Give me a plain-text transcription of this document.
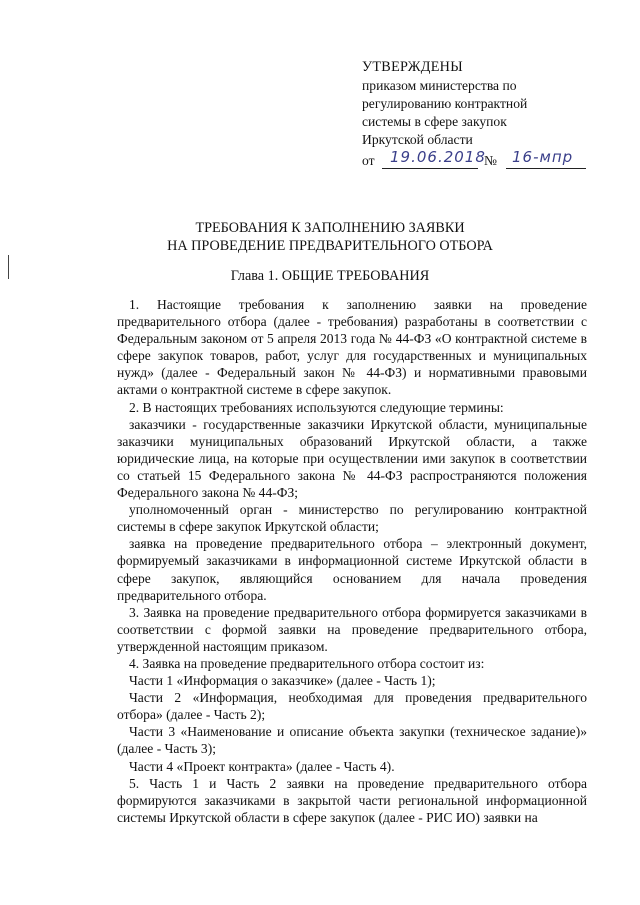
УТВЕРЖДЕНЫ
приказом министерства по
регулированию контрактной
системы в сфере закупок
Иркутской области
от 19.06.2018
№ 16-мпр
ТРЕБОВАНИЯ К ЗАПОЛНЕНИЮ ЗАЯВКИ
НА ПРОВЕДЕНИЕ ПРЕДВАРИТЕЛЬНОГО ОТБОРА
Глава 1. ОБЩИЕ ТРЕБОВАНИЯ
1. Настоящие требования к заполнению заявки на проведение предварительного отбора (далее - требования) разработаны в соответствии с Федеральным законом от 5 апреля 2013 года № 44-ФЗ «О контрактной системе в сфере закупок товаров, работ, услуг для государственных и муниципальных нужд» (далее - Федеральный закон № 44-ФЗ) и нормативными правовыми актами о контрактной системе в сфере закупок.
2. В настоящих требованиях используются следующие термины:
заказчики - государственные заказчики Иркутской области, муниципальные заказчики муниципальных образований Иркутской области, а также юридические лица, на которые при осуществлении ими закупок в соответствии со статьей 15 Федерального закона № 44-ФЗ распространяются положения Федерального закона № 44-ФЗ;
уполномоченный орган - министерство по регулированию контрактной системы в сфере закупок Иркутской области;
заявка на проведение предварительного отбора – электронный документ, формируемый заказчиками в информационной системе Иркутской области в сфере закупок, являющийся основанием для начала проведения предварительного отбора.
3. Заявка на проведение предварительного отбора формируется заказчиками в соответствии с формой заявки на проведение предварительного отбора, утвержденной настоящим приказом.
4. Заявка на проведение предварительного отбора состоит из:
Части 1 «Информация о заказчике» (далее - Часть 1);
Части 2 «Информация, необходимая для проведения предварительного отбора» (далее - Часть 2);
Части 3 «Наименование и описание объекта закупки (техническое задание)» (далее - Часть 3);
Части 4 «Проект контракта» (далее - Часть 4).
5. Часть 1 и Часть 2 заявки на проведение предварительного отбора формируются заказчиками в закрытой части региональной информационной системы Иркутской области в сфере закупок (далее - РИС ИО) заявки на
